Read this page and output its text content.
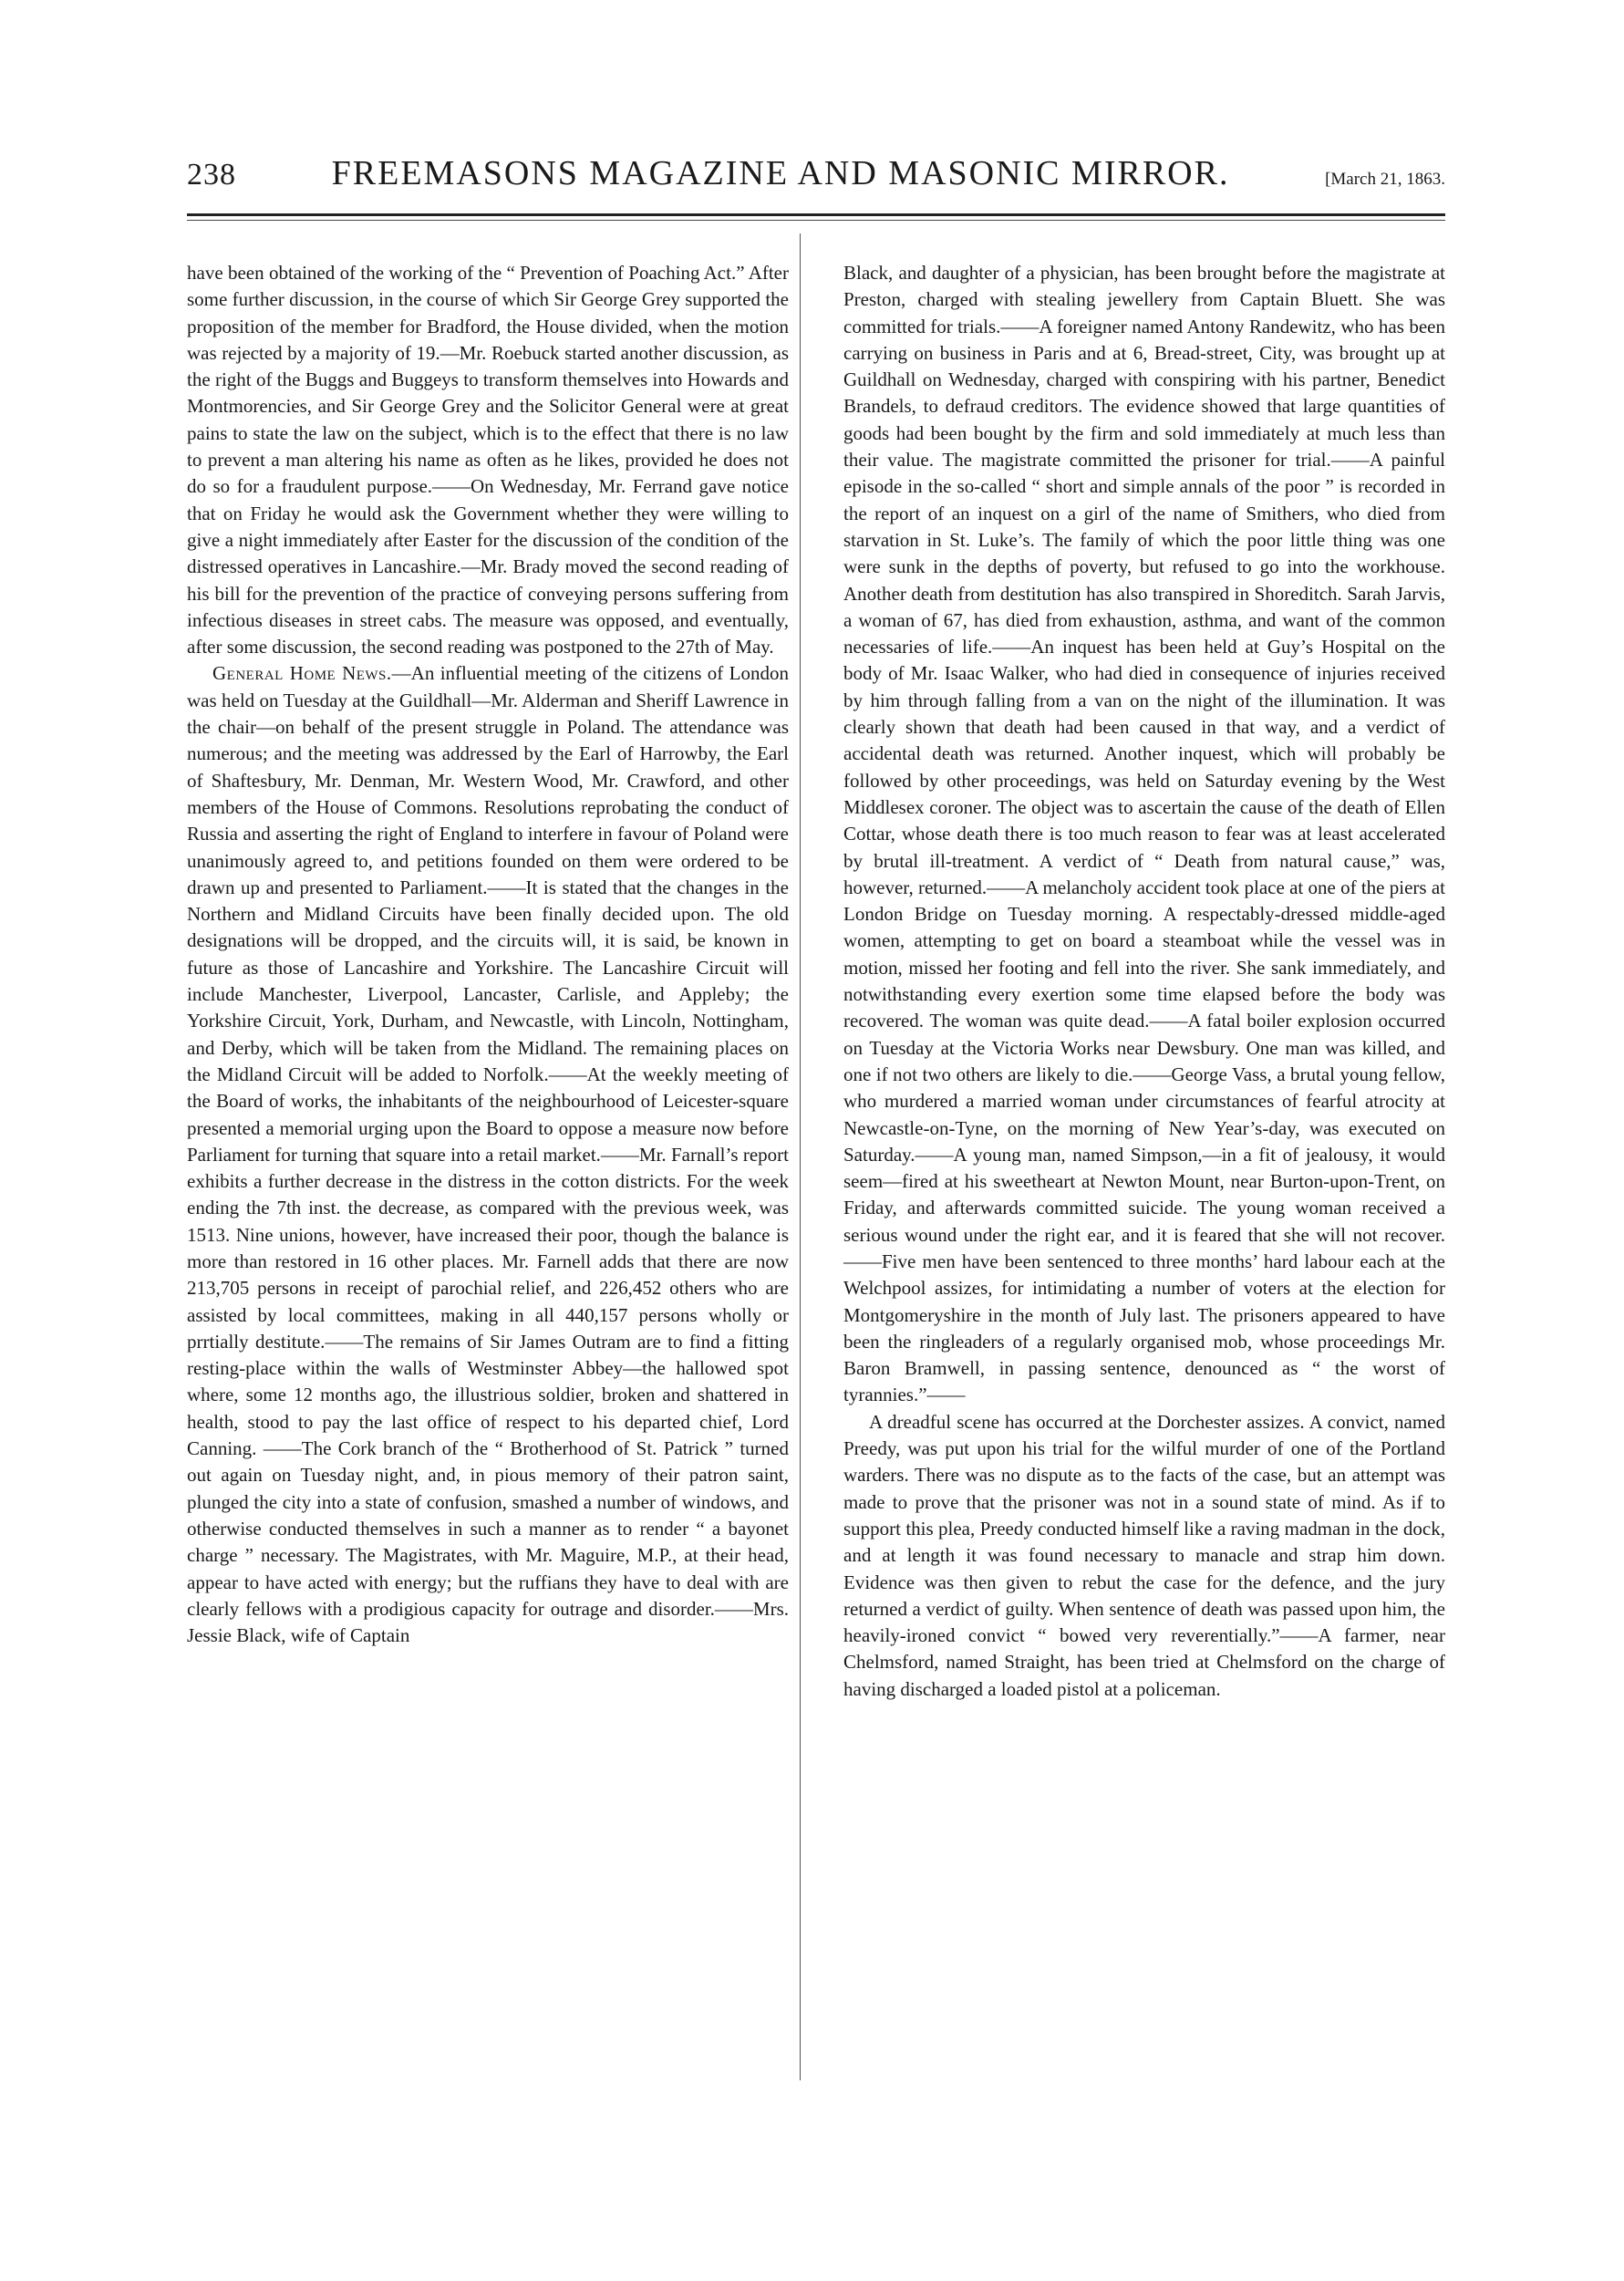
238	FREEMASONS MAGAZINE AND MASONIC MIRROR.	[March 21, 1863.

have been obtained of the working of the “ Prevention of Poaching Act.” After some further discussion, in the course of which Sir George Grey supported the proposition of the member for Bradford, the House divided, when the motion was rejected by a majority of 19.—Mr. Roebuck started another discussion, as the right of the Buggs and Buggeys to transform themselves into Howards and Montmorencies, and Sir George Grey and the Solicitor General were at great pains to state the law on the subject, which is to the effect that there is no law to prevent a man altering his name as often as he likes, provided he does not do so for a fraudulent purpose.——On Wednesday, Mr. Ferrand gave notice that on Friday he would ask the Government whether they were willing to give a night immediately after Easter for the discussion of the condition of the distressed operatives in Lancashire.—Mr. Brady moved the second reading of his bill for the prevention of the practice of conveying persons suffering from infectious diseases in street cabs. The measure was opposed, and eventually, after some discussion, the second reading was postponed to the 27th of May.

General Home News.—An influential meeting of the citizens of London was held on Tuesday at the Guildhall—Mr. Alderman and Sheriff Lawrence in the chair—on behalf of the present struggle in Poland. The attendance was numerous; and the meeting was addressed by the Earl of Harrowby, the Earl of Shaftesbury, Mr. Denman, Mr. Western Wood, Mr. Crawford, and other members of the House of Commons. Resolutions reprobating the conduct of Russia and asserting the right of England to interfere in favour of Poland were unanimously agreed to, and petitions founded on them were ordered to be drawn up and presented to Parliament.——It is stated that the changes in the Northern and Midland Circuits have been finally decided upon. The old designations will be dropped, and the circuits will, it is said, be known in future as those of Lancashire and Yorkshire. The Lancashire Circuit will include Manchester, Liverpool, Lancaster, Carlisle, and Appleby; the Yorkshire Circuit, York, Durham, and Newcastle, with Lincoln, Nottingham, and Derby, which will be taken from the Midland. The remaining places on the Midland Circuit will be added to Norfolk.——At the weekly meeting of the Board of works, the inhabitants of the neighbourhood of Leicester-square presented a memorial urging upon the Board to oppose a measure now before Parliament for turning that square into a retail market.——Mr. Farnall’s report exhibits a further decrease in the distress in the cotton districts. For the week ending the 7th inst. the decrease, as compared with the previous week, was 1513. Nine unions, however, have increased their poor, though the balance is more than restored in 16 other places. Mr. Farnell adds that there are now 213,705 persons in receipt of parochial relief, and 226,452 others who are assisted by local committees, making in all 440,157 persons wholly or prrtially destitute.——The remains of Sir James Outram are to find a fitting resting-place within the walls of Westminster Abbey—the hallowed spot where, some 12 months ago, the illustrious soldier, broken and shattered in health, stood to pay the last office of respect to his departed chief, Lord Canning. ——The Cork branch of the “ Brotherhood of St. Patrick ” turned out again on Tuesday night, and, in pious memory of their patron saint, plunged the city into a state of confusion, smashed a number of windows, and otherwise conducted themselves in such a manner as to render “ a bayonet charge ” necessary. The Magistrates, with Mr. Maguire, M.P., at their head, appear to have acted with energy; but the ruffians they have to deal with are clearly fellows with a prodigious capacity for outrage and disorder.——Mrs. Jessie Black, wife of Captain

Black, and daughter of a physician, has been brought before the magistrate at Preston, charged with stealing jewellery from Captain Bluett. She was committed for trials.——A foreigner named Antony Randewitz, who has been carrying on business in Paris and at 6, Bread-street, City, was brought up at Guildhall on Wednesday, charged with conspiring with his partner, Benedict Brandels, to defraud creditors. The evidence showed that large quantities of goods had been bought by the firm and sold immediately at much less than their value. The magistrate committed the prisoner for trial.——A painful episode in the so-called “ short and simple annals of the poor ” is recorded in the report of an inquest on a girl of the name of Smithers, who died from starvation in St. Luke’s. The family of which the poor little thing was one were sunk in the depths of poverty, but refused to go into the workhouse. Another death from destitution has also transpired in Shoreditch. Sarah Jarvis, a woman of 67, has died from exhaustion, asthma, and want of the common necessaries of life.——An inquest has been held at Guy’s Hospital on the body of Mr. Isaac Walker, who had died in consequence of injuries received by him through falling from a van on the night of the illumination. It was clearly shown that death had been caused in that way, and a verdict of accidental death was returned. Another inquest, which will probably be followed by other proceedings, was held on Saturday evening by the West Middlesex coroner. The object was to ascertain the cause of the death of Ellen Cottar, whose death there is too much reason to fear was at least accelerated by brutal ill-treatment. A verdict of “ Death from natural cause,” was, however, returned.——A melancholy accident took place at one of the piers at London Bridge on Tuesday morning. A respectably-dressed middle-aged women, attempting to get on board a steamboat while the vessel was in motion, missed her footing and fell into the river. She sank immediately, and notwithstanding every exertion some time elapsed before the body was recovered. The woman was quite dead.——A fatal boiler explosion occurred on Tuesday at the Victoria Works near Dewsbury. One man was killed, and one if not two others are likely to die.——George Vass, a brutal young fellow, who murdered a married woman under circumstances of fearful atrocity at Newcastle-on-Tyne, on the morning of New Year’s-day, was executed on Saturday.——A young man, named Simpson,—in a fit of jealousy, it would seem—fired at his sweetheart at Newton Mount, near Burton-upon-Trent, on Friday, and afterwards committed suicide. The young woman received a serious wound under the right ear, and it is feared that she will not recover.——Five men have been sentenced to three months’ hard labour each at the Welchpool assizes, for intimidating a number of voters at the election for Montgomeryshire in the month of July last. The prisoners appeared to have been the ringleaders of a regularly organised mob, whose proceedings Mr. Baron Bramwell, in passing sentence, denounced as “ the worst of tyrannies.”——

A dreadful scene has occurred at the Dorchester assizes. A convict, named Preedy, was put upon his trial for the wilful murder of one of the Portland warders. There was no dispute as to the facts of the case, but an attempt was made to prove that the prisoner was not in a sound state of mind. As if to support this plea, Preedy conducted himself like a raving madman in the dock, and at length it was found necessary to manacle and strap him down. Evidence was then given to rebut the case for the defence, and the jury returned a verdict of guilty. When sentence of death was passed upon him, the heavily-ironed convict “ bowed very reverentially.”——A farmer, near Chelmsford, named Straight, has been tried at Chelmsford on the charge of having discharged a loaded pistol at a policeman.
